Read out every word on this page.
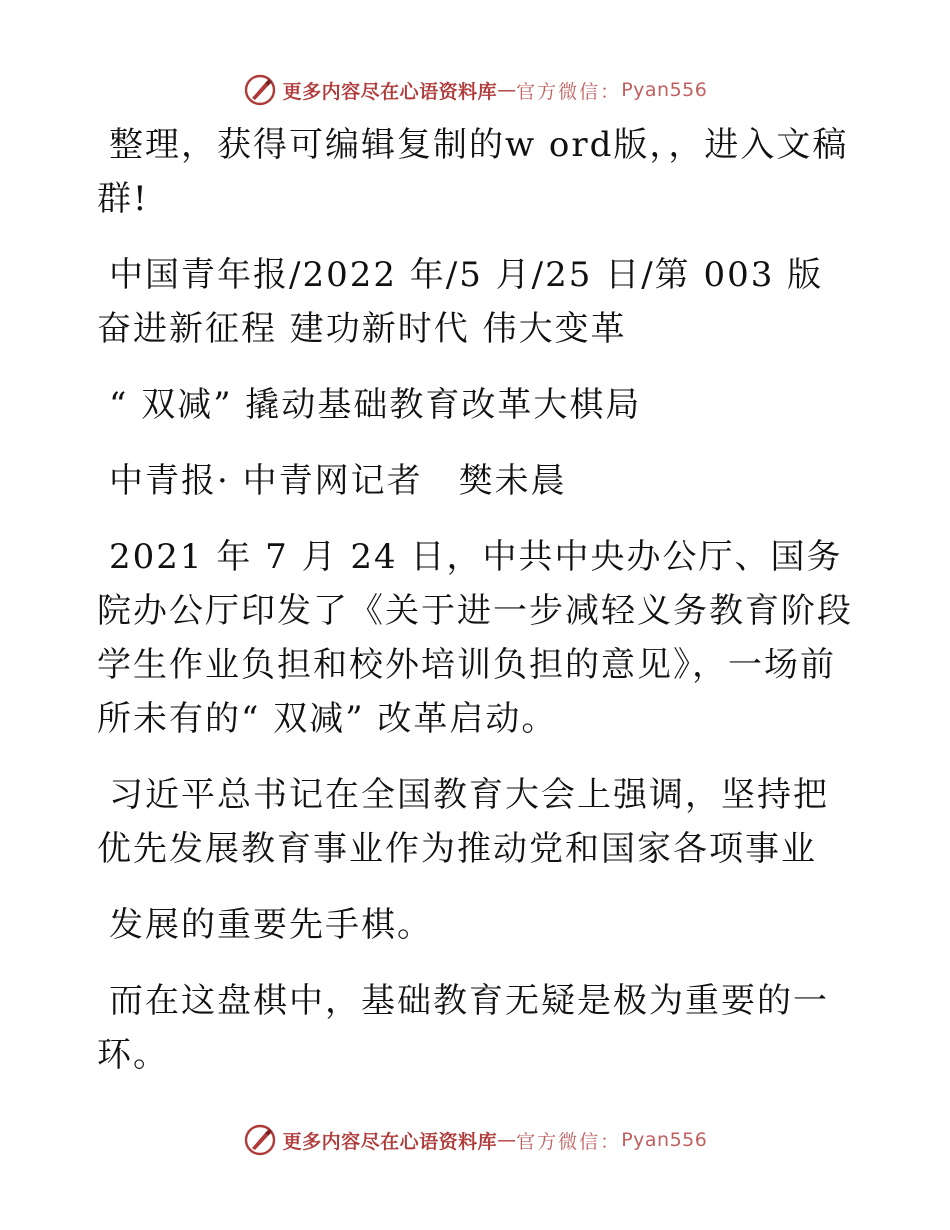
更多内容尽在心语资料库 — 官方微信： Pyan556

整理，获得可编辑复制的w ord版，，进入文稿群!

中国青年报/2022 年/5 月/25 日/第 003 版奋进新征程 建功新时代 伟大变革

“ 双减” 撬动基础教育改革大棋局

中青报· 中青网记者　樊未晨

2021 年 7 月 24 日，中共中央办公厅、国务院办公厅印发了《关于进一步减轻义务教育阶段学生作业负担和校外培训负担的意见》，一场前所未有的“ 双减” 改革启动。

习近平总书记在全国教育大会上强调，坚持把优先发展教育事业作为推动党和国家各项事业

发展的重要先手棋。

而在这盘棋中，基础教育无疑是极为重要的一环。

更多内容尽在心语资料库 — 官方微信： Pyan556
